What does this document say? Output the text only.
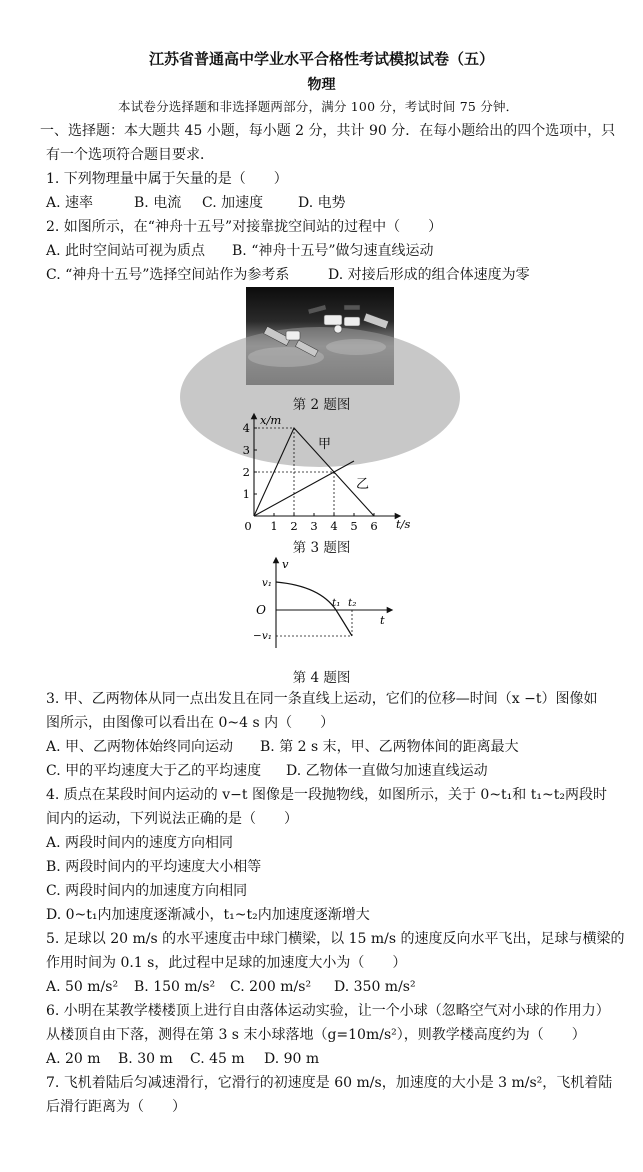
江苏省普通高中学业水平合格性考试模拟试卷（五）
物理
本试卷分选择题和非选择题两部分，满分 100 分，考试时间 75 分钟．
一、选择题：本大题共 45 小题，每小题 2 分，共计 90 分．在每小题给出的四个选项中，只
有一个选项符合题目要求．
1. 下列物理量中属于矢量的是（　　）
A. 速率	B. 电流 C. 加速度 D. 电势
2. 如图所示，在“神舟十五号”对接靠拢空间站的过程中（　　）
A. 此时空间站可视为质点 B. “神舟十五号”做匀速直线运动
C. “神舟十五号”选择空间站作为参考系	D. 对接后形成的组合体速度为零
第 2 题图
4
3
2
1
0 1 2 3 4 5 6
x/m
t/s
甲
乙
第 3 题图
v
t
v₁
−v₁
O	t₁ t₂
第 4 题图
3. 甲、乙两物体从同一点出发且在同一条直线上运动，它们的位移—时间（x −t）图像如
图所示，由图像可以看出在 0~4 s 内（　　）
A. 甲、乙两物体始终同向运动 B. 第 2 s 末，甲、乙两物体间的距离最大
C. 甲的平均速度大于乙的平均速度 D. 乙物体一直做匀加速直线运动
4. 质点在某段时间内运动的 v−t 图像是一段抛物线，如图所示，关于 0~t₁和 t₁~t₂两段时
间内的运动，下列说法正确的是（　　）
A. 两段时间内的速度方向相同
B. 两段时间内的平均速度大小相等
C. 两段时间内的加速度方向相同
D. 0~t₁内加速度逐渐减小，t₁~t₂内加速度逐渐增大
5. 足球以 20 m/s 的水平速度击中球门横梁，以 15 m/s 的速度反向水平飞出，足球与横梁的
作用时间为 0.1 s，此过程中足球的加速度大小为（　　）
A. 50 m/s² B. 150 m/s² C. 200 m/s² D. 350 m/s²
6. 小明在某教学楼楼顶上进行自由落体运动实验，让一个小球（忽略空气对小球的作用力）
从楼顶自由下落，测得在第 3 s 末小球落地（g=10m/s²），则教学楼高度约为（　　）
A. 20 m B. 30 m C. 45 m D. 90 m
7. 飞机着陆后匀减速滑行，它滑行的初速度是 60 m/s，加速度的大小是 3 m/s²，飞机着陆
后滑行距离为（　　）
